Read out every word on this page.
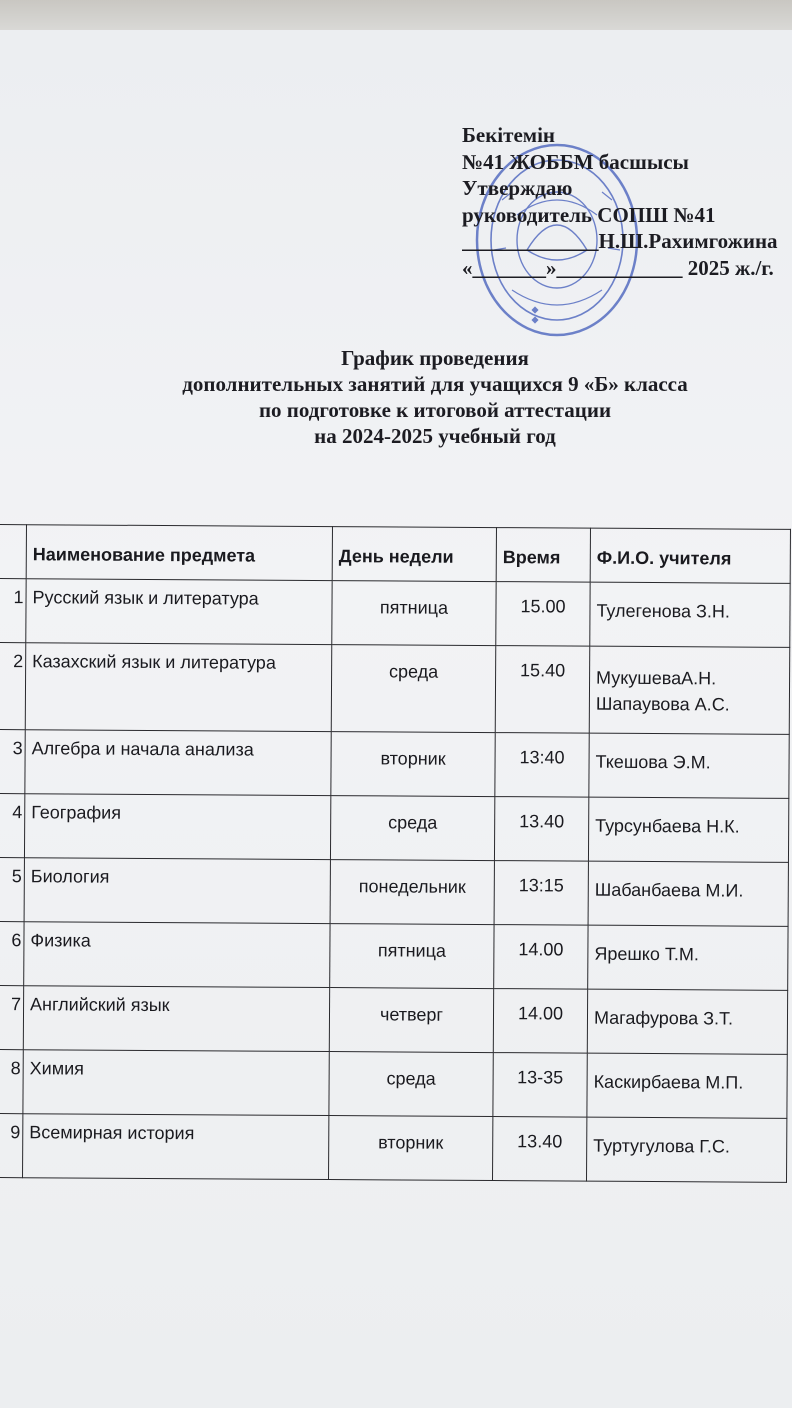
Бекітемін
№41 ЖОББМ басшысы
Утверждаю
руководитель СОПШ №41
_____________Н.Ш.Рахимгожина
«_______»____________ 2025 ж./г.
График проведения
дополнительных занятий для учащихся 9 «Б» класса
по подготовке к итоговой аттестации
на 2024-2025 учебный год
	Наименование предмета	День недели	Время	Ф.И.О. учителя
1	Русский язык и литература	пятница	15.00	Тулегенова З.Н.
2	Казахский язык и литература	среда	15.40	МукушеваА.Н.
Шапаувова А.С.

3	Алгебра и начала анализа	вторник	13:40	Ткешова Э.М.
4	География	среда	13.40	Турсунбаева Н.К.
5	Биология	понедельник	13:15	Шабанбаева М.И.
6	Физика	пятница	14.00	Ярешко Т.М.
7	Английский язык	четверг	14.00	Магафурова З.Т.
8	Химия	среда	13-35	Каскирбаева М.П.
9	Всемирная история	вторник	13.40	Туртугулова Г.С.
